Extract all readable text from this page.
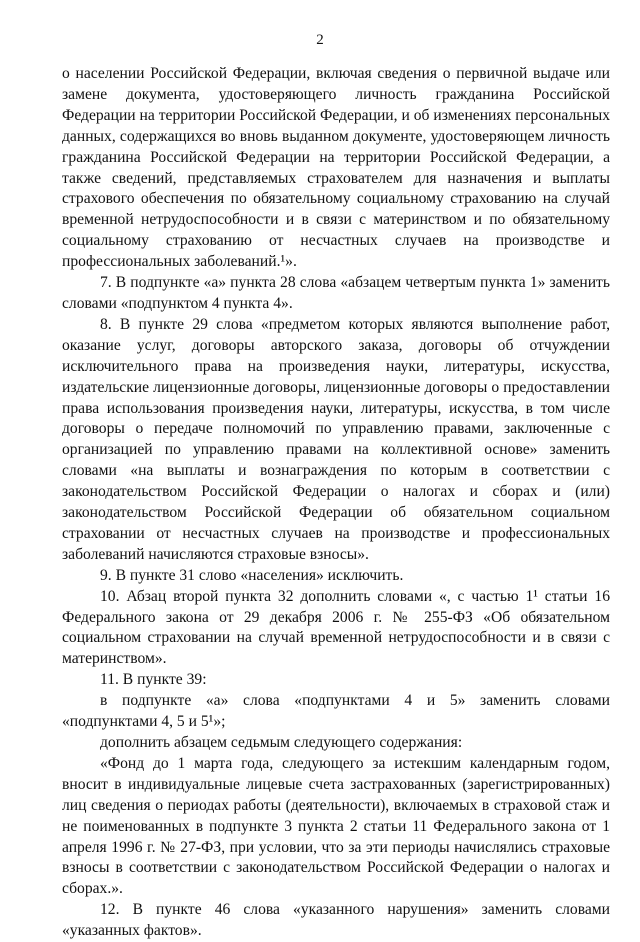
2

о населении Российской Федерации, включая сведения о первичной выдаче или замене документа, удостоверяющего личность гражданина Российской Федерации на территории Российской Федерации, и об изменениях персональных данных, содержащихся во вновь выданном документе, удостоверяющем личность гражданина Российской Федерации на территории Российской Федерации, а также сведений, представляемых страхователем для назначения и выплаты страхового обеспечения по обязательному социальному страхованию на случай временной нетрудоспособности и в связи с материнством и по обязательному социальному страхованию от несчастных случаев на производстве и профессиональных заболеваний.¹».

7. В подпункте «а» пункта 28 слова «абзацем четвертым пункта 1» заменить словами «подпунктом 4 пункта 4».

8. В пункте 29 слова «предметом которых являются выполнение работ, оказание услуг, договоры авторского заказа, договоры об отчуждении исключительного права на произведения науки, литературы, искусства, издательские лицензионные договоры, лицензионные договоры о предоставлении права использования произведения науки, литературы, искусства, в том числе договоры о передаче полномочий по управлению правами, заключенные с организацией по управлению правами на коллективной основе» заменить словами «на выплаты и вознаграждения по которым в соответствии с законодательством Российской Федерации о налогах и сборах и (или) законодательством Российской Федерации об обязательном социальном страховании от несчастных случаев на производстве и профессиональных заболеваний начисляются страховые взносы».

9. В пункте 31 слово «населения» исключить.

10. Абзац второй пункта 32 дополнить словами «, с частью 1¹ статьи 16 Федерального закона от 29 декабря 2006 г. № 255-ФЗ «Об обязательном социальном страховании на случай временной нетрудоспособности и в связи с материнством».

11. В пункте 39:

в подпункте «а» слова «подпунктами 4 и 5» заменить словами «подпунктами 4, 5 и 5¹»;

дополнить абзацем седьмым следующего содержания:

«Фонд до 1 марта года, следующего за истекшим календарным годом, вносит в индивидуальные лицевые счета застрахованных (зарегистрированных) лиц сведения о периодах работы (деятельности), включаемых в страховой стаж и не поименованных в подпункте 3 пункта 2 статьи 11 Федерального закона от 1 апреля 1996 г. № 27-ФЗ, при условии, что за эти периоды начислялись страховые взносы в соответствии с законодательством Российской Федерации о налогах и сборах.».

12. В пункте 46 слова «указанного нарушения» заменить словами «указанных фактов».
